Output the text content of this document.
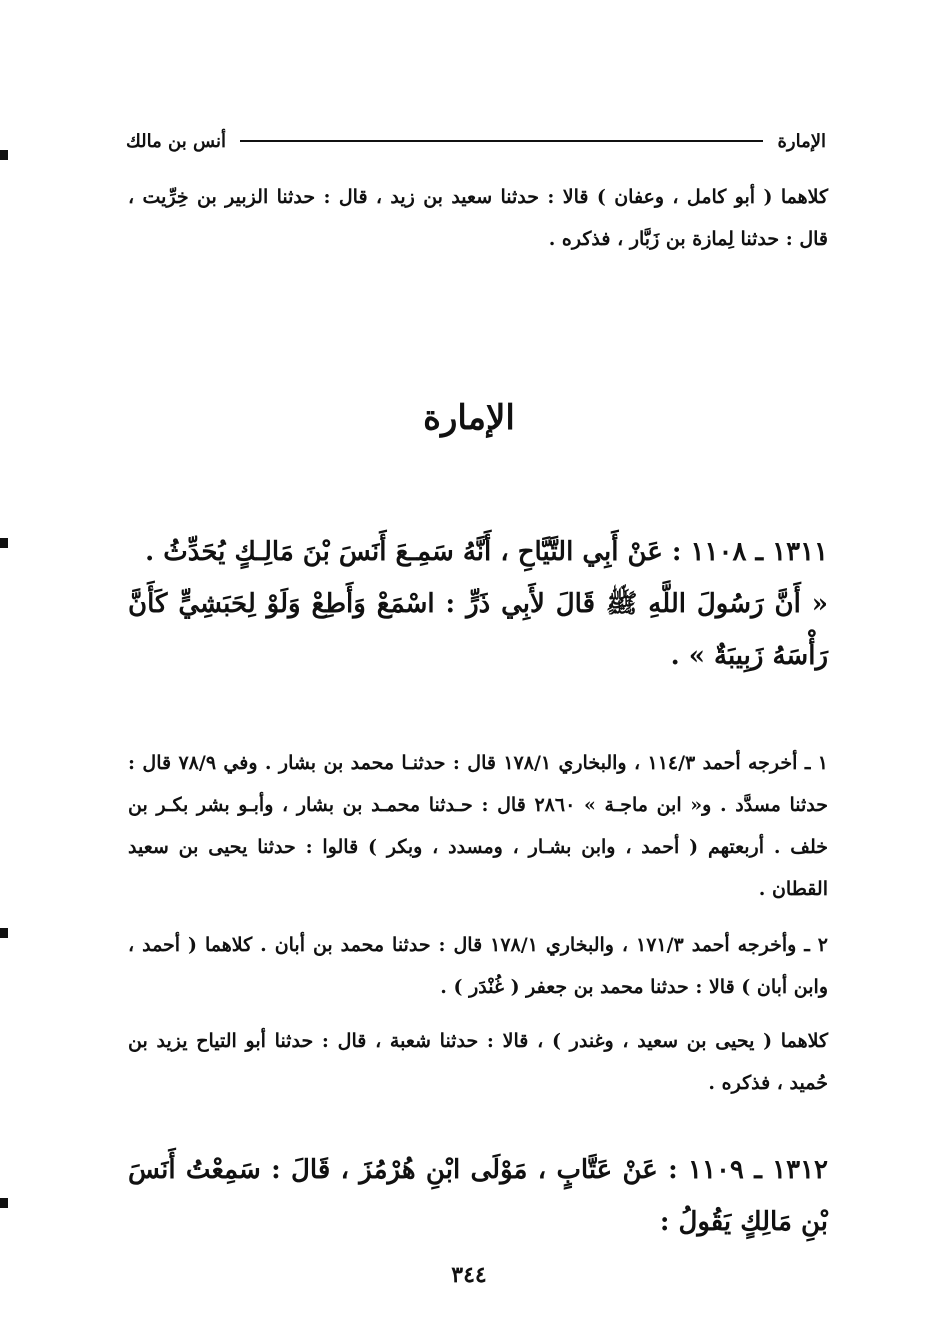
الإمارة
أنس بن مالك

كلاهما ( أبو كامل ، وعفان ) قالا : حدثنا سعيد بن زيد ، قال : حدثنا الزبير بن خِرِّيت ، قال : حدثنا لِمازة بن زَبَّار ، فذكره .

الإمارة

١٣١١ ـ ١١٠٨ : عَنْ أَبِي التَّيَّاحِ ، أَنَّهُ سَمِـعَ أَنَسَ بْنَ مَالِـكٍ يُحَدِّثُ .

« أَنَّ رَسُولَ اللَّهِ ﷺ قَالَ لأَبِي ذَرٍّ : اسْمَعْ وَأَطِعْ وَلَوْ لِحَبَشِيٍّ كَأَنَّ رَأْسَهُ زَبِيبَةٌ » .

١ ـ أخرجه أحمد ١١٤/٣ ، والبخاري ١٧٨/١ قال : حدثنـا محمد بن بشار . وفي ٧٨/٩ قال : حدثنا مسدَّد . و« ابن ماجـة » ٢٨٦٠ قال : حـدثنا محمـد بن بشار ، وأبـو بشر بكـر بن خلف . أربعتهم ( أحمد ، وابن بشـار ، ومسدد ، وبكر ) قالوا : حدثنا يحيى بن سعيد القطان .

٢ ـ وأخرجه أحمد ١٧١/٣ ، والبخاري ١٧٨/١ قال : حدثنا محمد بن أبان . كلاهما ( أحمد ، وابن أبان ) قالا : حدثنا محمد بن جعفر ( غُنْدَر ) .

كلاهما ( يحيى بن سعيد ، وغندر ) ، قالا : حدثنا شعبة ، قال : حدثنا أبو التياح يزيد بن حُميد ، فذكره .

١٣١٢ ـ ١١٠٩ : عَنْ عَتَّابٍ ، مَوْلَى ابْنِ هُرْمُزَ ، قَالَ : سَمِعْتُ أَنَسَ بْنِ مَالِكٍ يَقُولُ :

٣٤٤
